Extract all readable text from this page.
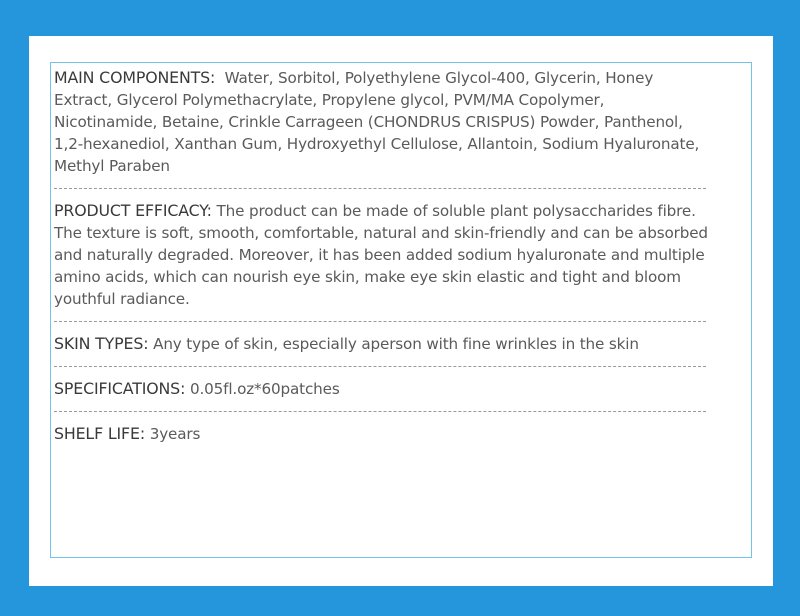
MAIN COMPONENTS: Water, Sorbitol, Polyethylene Glycol-400, Glycerin, Honey Extract, Glycerol Polymethacrylate, Propylene glycol, PVM/MA Copolymer, Nicotinamide, Betaine, Crinkle Carrageen (CHONDRUS CRISPUS) Powder, Panthenol, 1,2-hexanediol, Xanthan Gum, Hydroxyethyl Cellulose, Allantoin, Sodium Hyaluronate, Methyl Paraben

PRODUCT EFFICACY: The product can be made of soluble plant polysaccharides fibre. The texture is soft, smooth, comfortable, natural and skin-friendly and can be absorbed and naturally degraded. Moreover, it has been added sodium hyaluronate and multiple amino acids, which can nourish eye skin, make eye skin elastic and tight and bloom youthful radiance.

SKIN TYPES: Any type of skin, especially aperson with fine wrinkles in the skin

SPECIFICATIONS: 0.05fl.oz*60patches

SHELF LIFE: 3years
